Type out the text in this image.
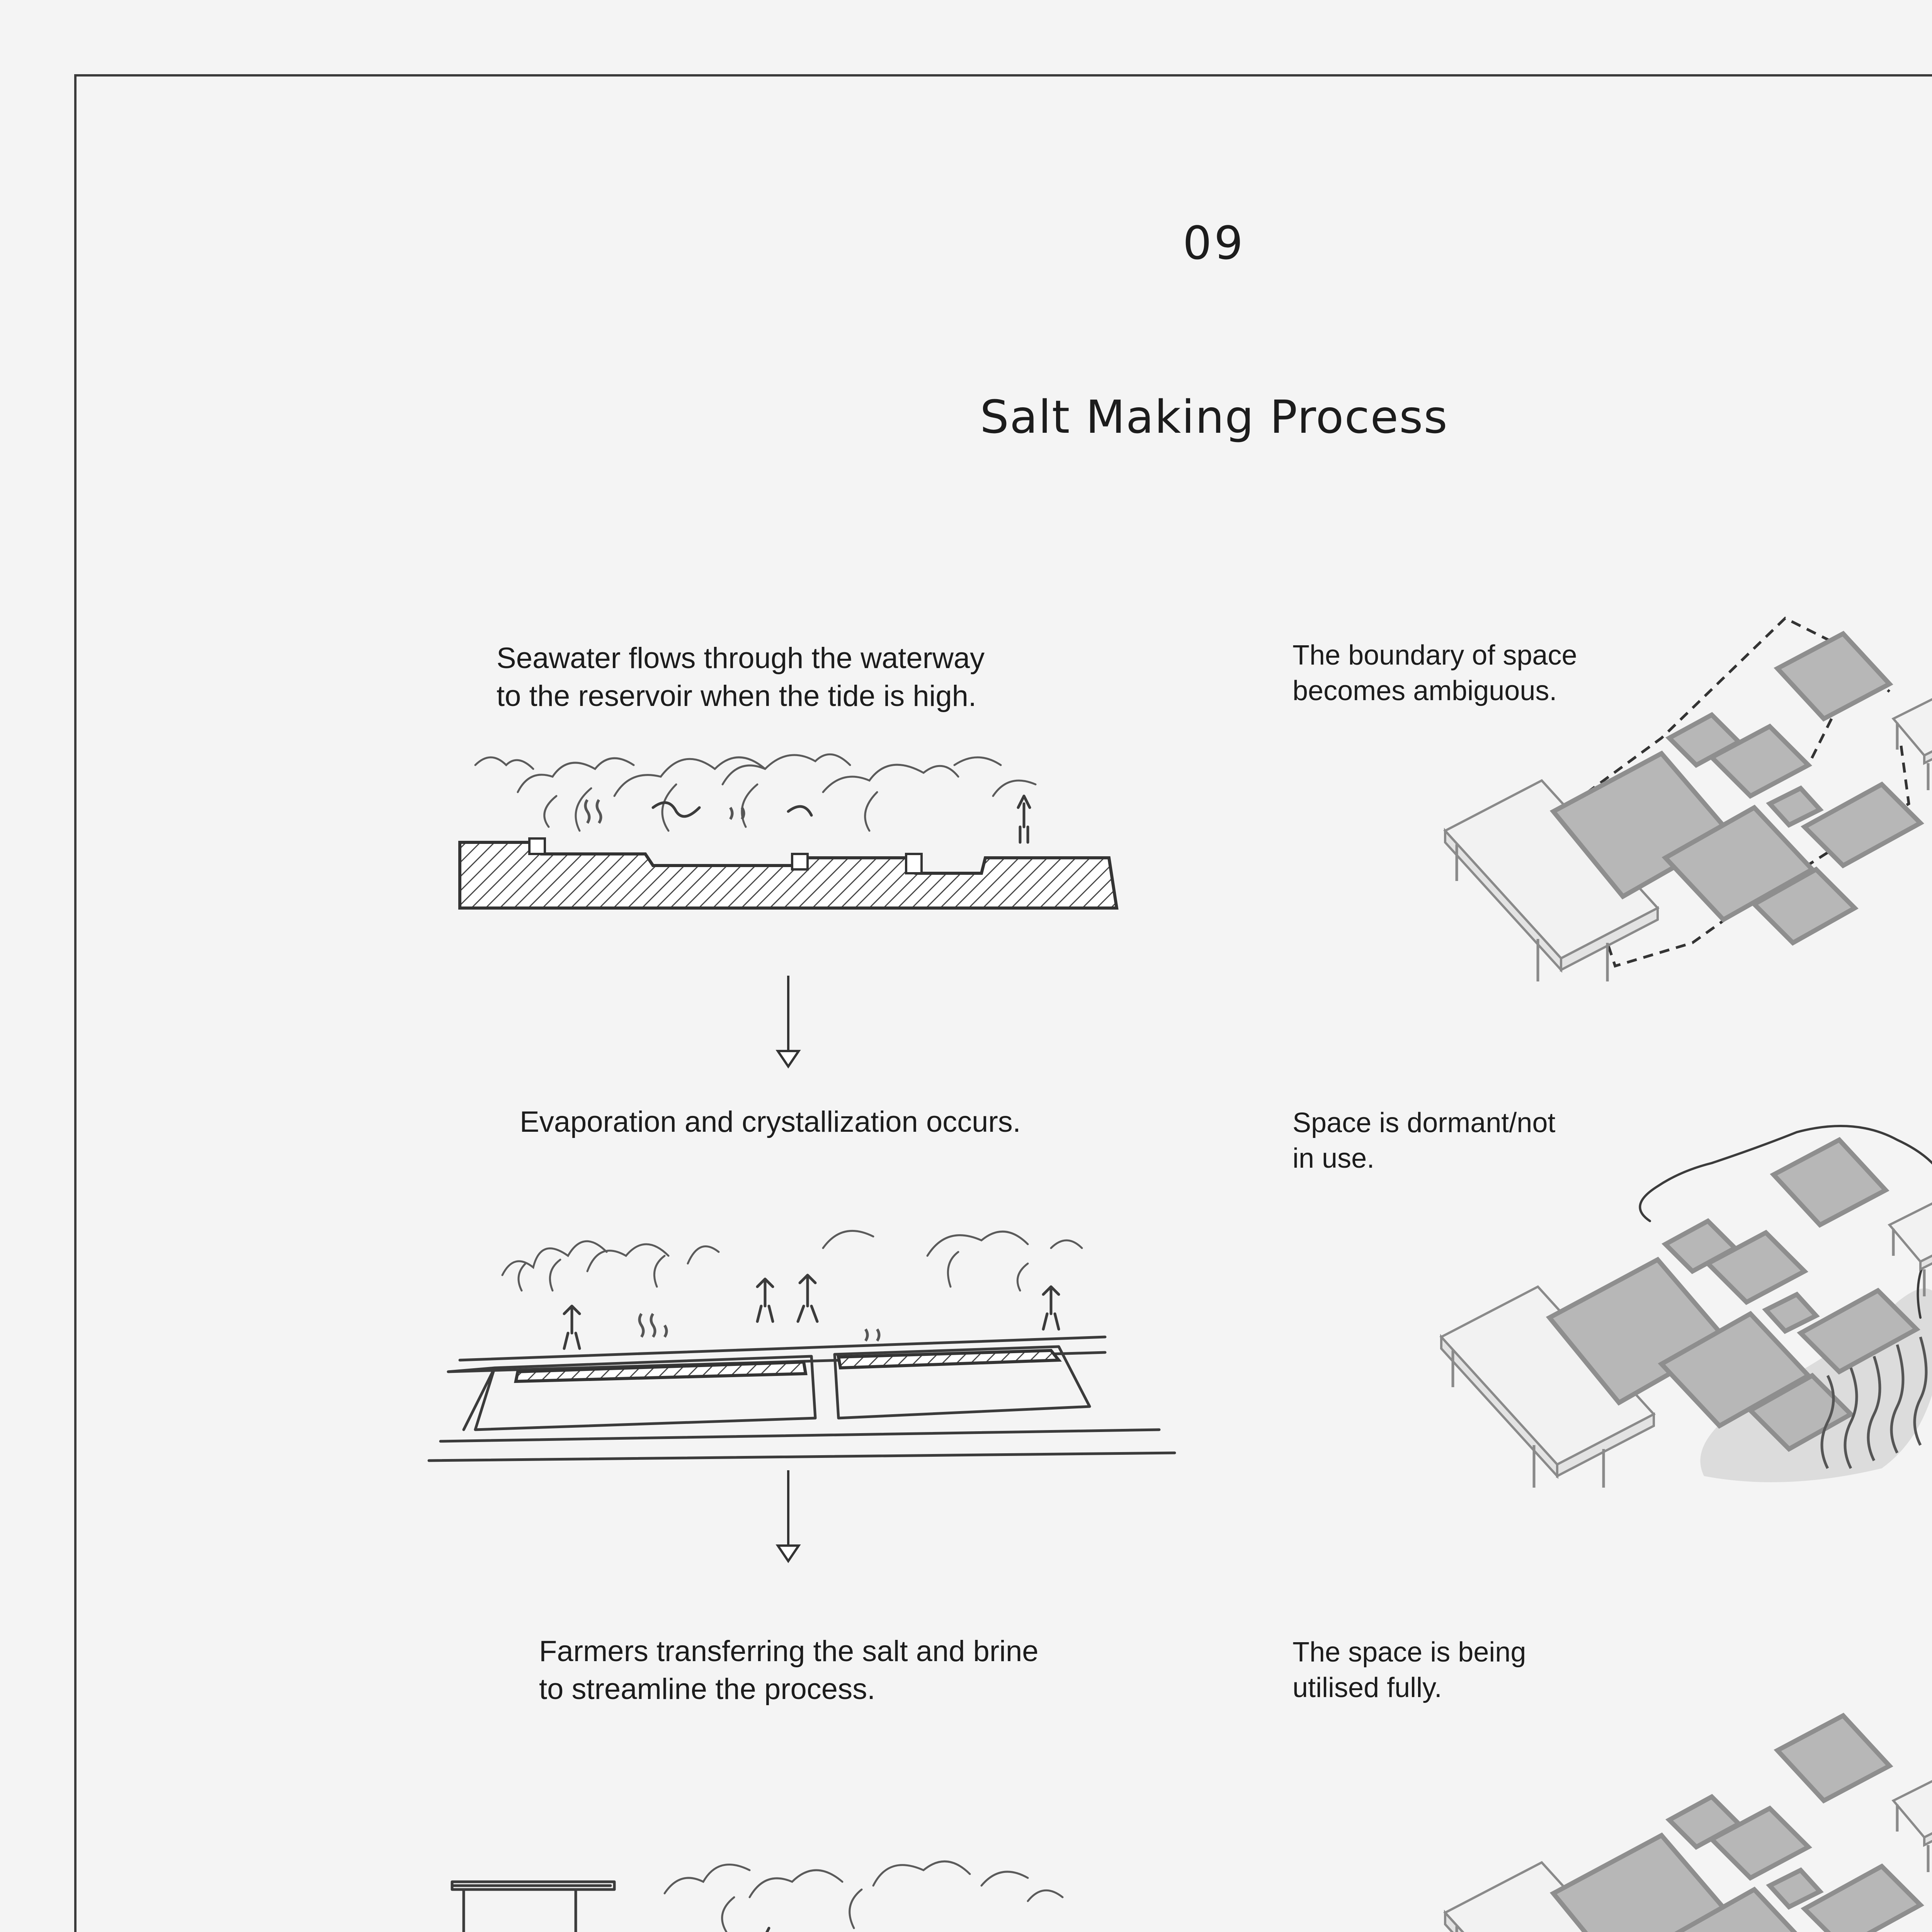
09
Salt Making Process

Seawater flows through the waterway
to the reservoir when the tide is high.

Evaporation and crystallization occurs.

Farmers transferring the salt and brine
to streamline the process.

The boundary of space
becomes ambiguous.

Space is dormant/not
in use.

The space is being
utilised fully.
